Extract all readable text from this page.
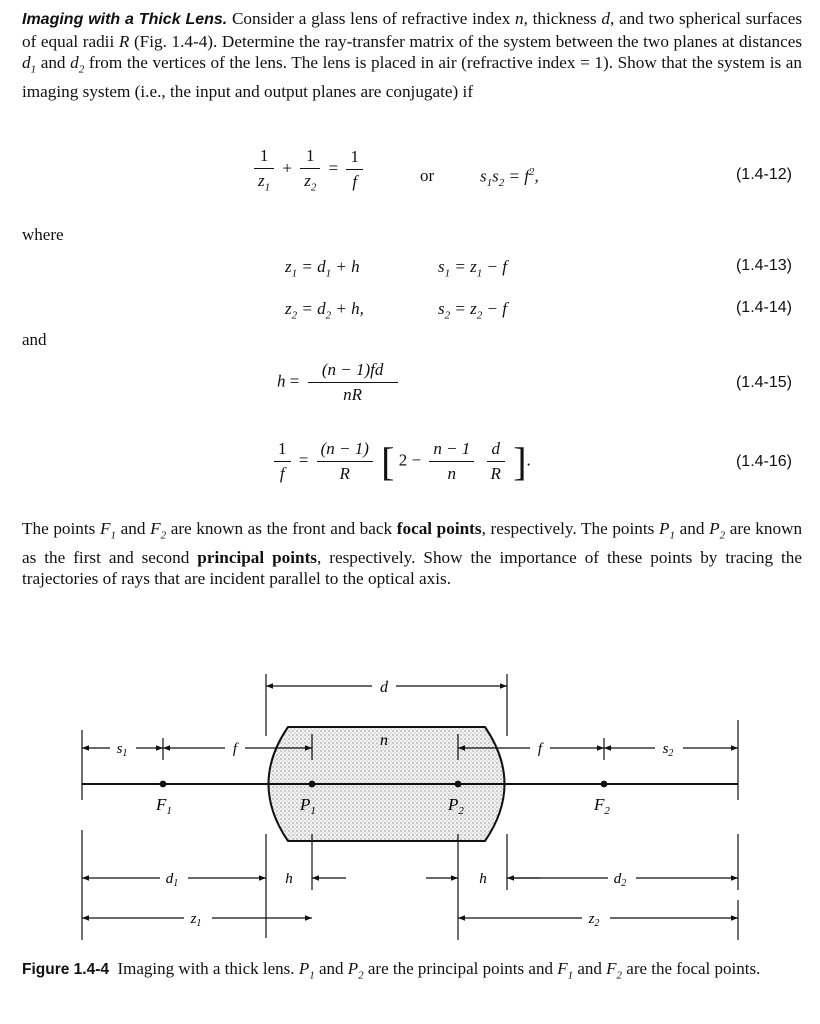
Imaging with a Thick Lens. Consider a glass lens of refractive index n, thickness d, and two spherical surfaces of equal radii R (Fig. 1.4-4). Determine the ray-transfer matrix of the system between the two planes at distances $d_1$ and $d_2$ from the vertices of the lens. The lens is placed in air (refractive index = 1). Show that the system is an imaging system (i.e., the input and output planes are conjugate) if
$\frac{1}{z_1} + \frac{1}{z_2} = \frac{1}{f}$	or	$s_1s_2 = f^2$,	(1.4-12)
where
$z_1 = d_1 + h$	$s_1 = z_1 - f$	(1.4-13)
$z_2 = d_2 + h$,	$s_2 = z_2 - f$	(1.4-14)
and
$h = \frac{(n - 1)fd}{nR}$	(1.4-15)
$\frac{1}{f} = \frac{(n - 1)}{R}$ [ $2 - \frac{n - 1}{n}$
$\frac{d}{R}$ ].	(1.4-16)
The points $F_1$ and $F_2$ are known as the front and back focal points, respectively. The points $P_1$ and $P_2$ are known as the first and second principal points, respectively. Show the importance of these points by tracing the trajectories of rays that are incident parallel to the optical axis.
d
n
$s_1$	f	f	$s_2$
$F_1$	$P_1$	$P_2$	$F_2$
$d_1$	h	h	$d_2$
$z_1$	$z_2$
Figure 1.4-4 Imaging with a thick lens. $P_1$ and $P_2$ are the principal points and $F_1$ and $F_2$ are the focal points.
